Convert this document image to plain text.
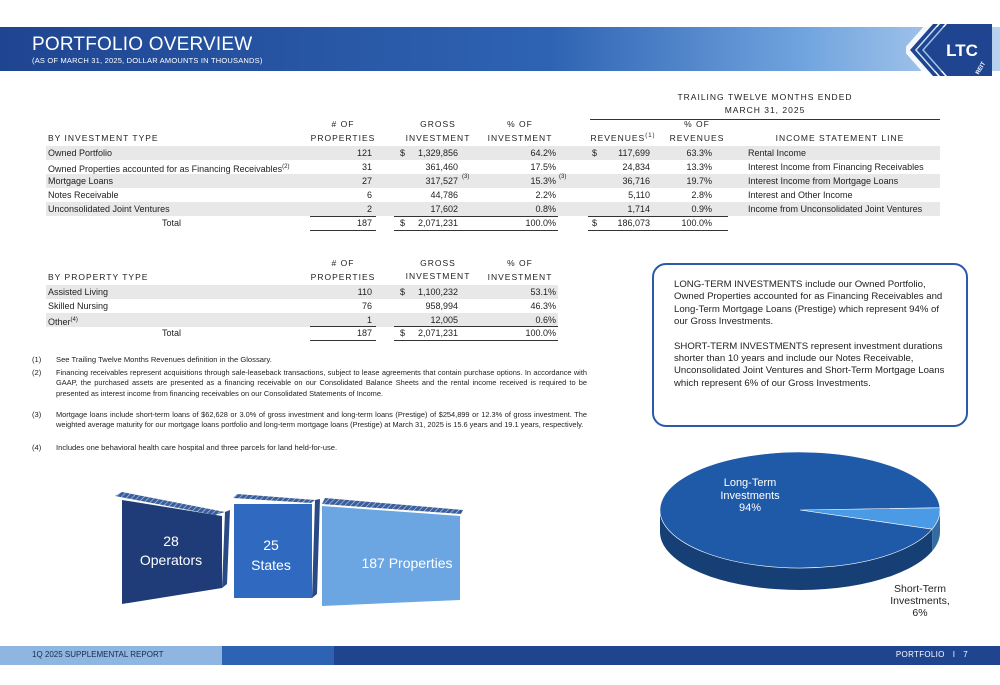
PORTFOLIO OVERVIEW
(AS OF MARCH 31, 2025, DOLLAR AMOUNTS IN THOUSANDS)
LTC
REIT
TRAILING TWELVE MONTHS ENDED
MARCH 31, 2025
# OF
PROPERTIES
GROSS
INVESTMENT
% OF
INVESTMENT	REVENUES$^{(1)}$
% OF
REVENUES	INCOME STATEMENT LINE
BY INVESTMENT TYPE
Owned Portfolio	121	$	1,329,856	64.2%	$	117,699	63.3%	Rental Income
Owned Properties accounted for as Financing Receivables$^{(2)}$	31	361,460	17.5%	24,834	13.3%	Interest Income from Financing Receivables
Mortgage Loans	27	317,527 (3)	15.3% (3)	36,716	19.7%	Interest Income from Mortgage Loans
Notes Receivable	6	44,786	2.2%	5,110	2.8%	Interest and Other Income
Unconsolidated Joint Ventures	2	17,602	0.8%	1,714	0.9%	Income from Unconsolidated Joint Ventures
Total	187	$	2,071,231	100.0%	$	186,073	100.0%
# OF
PROPERTIES
GROSS
INVESTMENT
% OF
INVESTMENT
BY PROPERTY TYPE
Assisted Living	110	$	1,100,232	53.1%
Skilled Nursing	76	958,994	46.3%
Other$^{(4)}$	1	12,005	0.6%
Total	187	$	2,071,231	100.0%
(1) See Trailing Twelve Months Revenues definition in the Glossary.
(2) Financing receivables represent acquisitions through sale-leaseback transactions, subject to lease agreements that contain purchase options. In accordance with GAAP, the purchased assets are presented as a financing receivable on our Consolidated Balance Sheets and the rental income received is required to be presented as interest income from financing receivables on our Consolidated Statements of Income.
(3) Mortgage loans include short-term loans of $62,628 or 3.0% of gross investment and long-term loans (Prestige) of $254,899 or 12.3% of gross investment. The weighted average maturity for our mortgage loans portfolio and long-term mortgage loans (Prestige) at March 31, 2025 is 15.6 years and 19.1 years, respectively.
(4) Includes one behavioral health care hospital and three parcels for land held-for-use.

LONG-TERM INVESTMENTS include our Owned Portfolio, Owned Properties accounted for as Financing Receivables and Long-Term Mortgage Loans (Prestige) which represent 94% of our Gross Investments.

SHORT-TERM INVESTMENTS represent investment durations shorter than 10 years and include our Notes Receivable, Unconsolidated Joint Ventures and Short-Term Mortgage Loans which represent 6% of our Gross Investments.

28
Operators
25
States	187 Properties
Long-Term
Investments
94%
Short-Term
Investments,
6%
1Q 2025 SUPPLEMENTAL REPORT	PORTFOLIO I 7
